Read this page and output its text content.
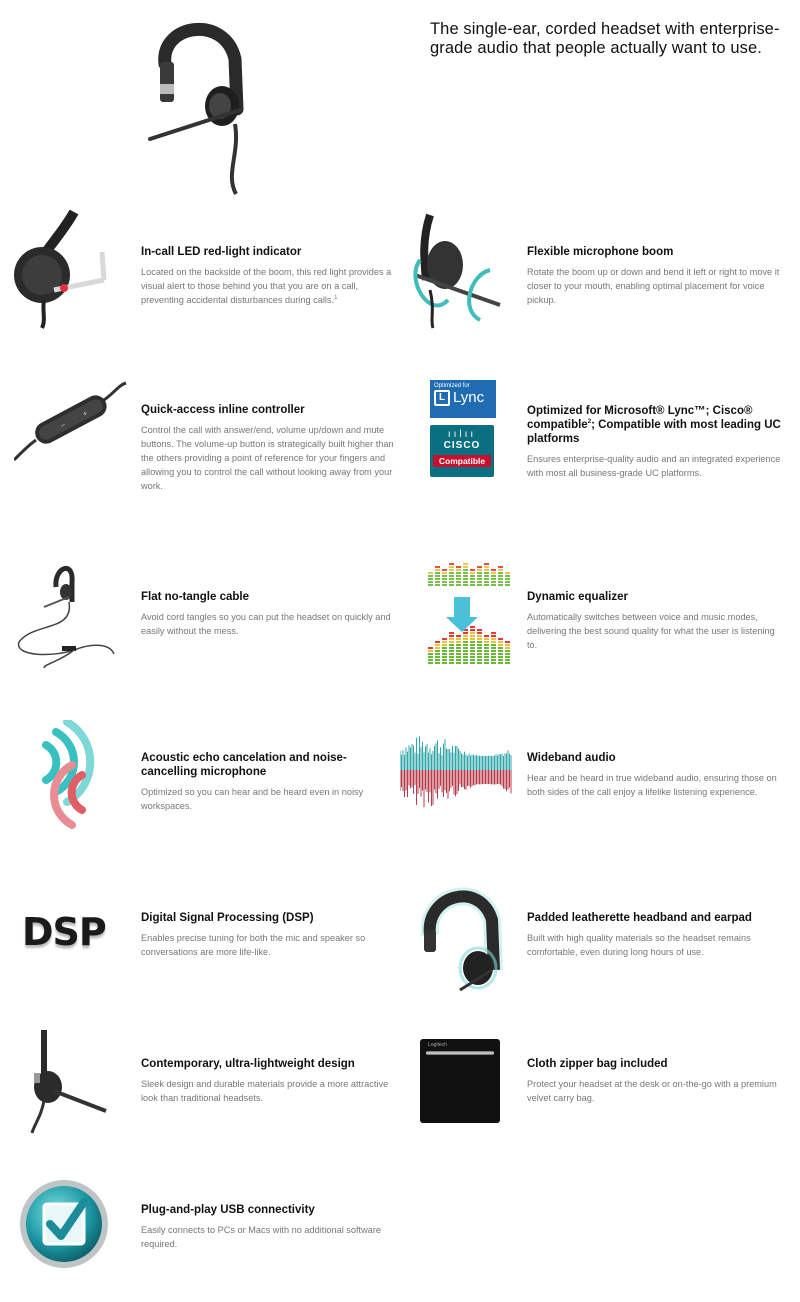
The single-ear, corded headset with enterprise-grade audio that people actually want to use.
In-call LED red-light indicator

Located on the backside of the boom, this red light provides a visual alert to those behind you that you are on a call, preventing accidental disturbances during calls.$^1$

Flexible microphone boom

Rotate the boom up or down and bend it left or right to move it closer to your mouth, enabling optimal placement for voice pickup.

−
+	Quick-access inline controller

Control the call with answer/end, volume up/down and mute buttons. The volume-up button is strategically built higher than the others providing a point of reference for your fingers and allowing you to control the call without looking away from your work.

Optimized for
L Lync
ıılıı
CISCO
Compatible
Optimized for Microsoft® Lync™; Cisco® compatible$^2$; Compatible with most leading UC platforms

Ensures enterprise-quality audio and an integrated experience with most all business-grade UC platforms.

Flat no-tangle cable

Avoid cord tangles so you can put the headset on quickly and easily without the mess.

Dynamic equalizer

Automatically switches between voice and music modes, delivering the best sound quality for what the user is listening to.

Acoustic echo cancelation and noise-cancelling microphone

Optimized so you can hear and be heard even in noisy workspaces.

Wideband audio

Hear and be heard in true wideband audio, ensuring those on both sides of the call enjoy a lifelike listening experience.

DSP	Digital Signal Processing (DSP)

Enables precise tuning for both the mic and speaker so conversations are more life-like.

Padded leatherette headband and earpad

Built with high quality materials so the headset remains comfortable, even during long hours of use.

Contemporary, ultra-lightweight design

Sleek design and durable materials provide a more attractive look than traditional headsets.

Logitech
Cloth zipper bag included

Protect your headset at the desk or on-the-go with a premium velvet carry bag.

Plug-and-play USB connectivity

Easily connects to PCs or Macs with no additional software required.
